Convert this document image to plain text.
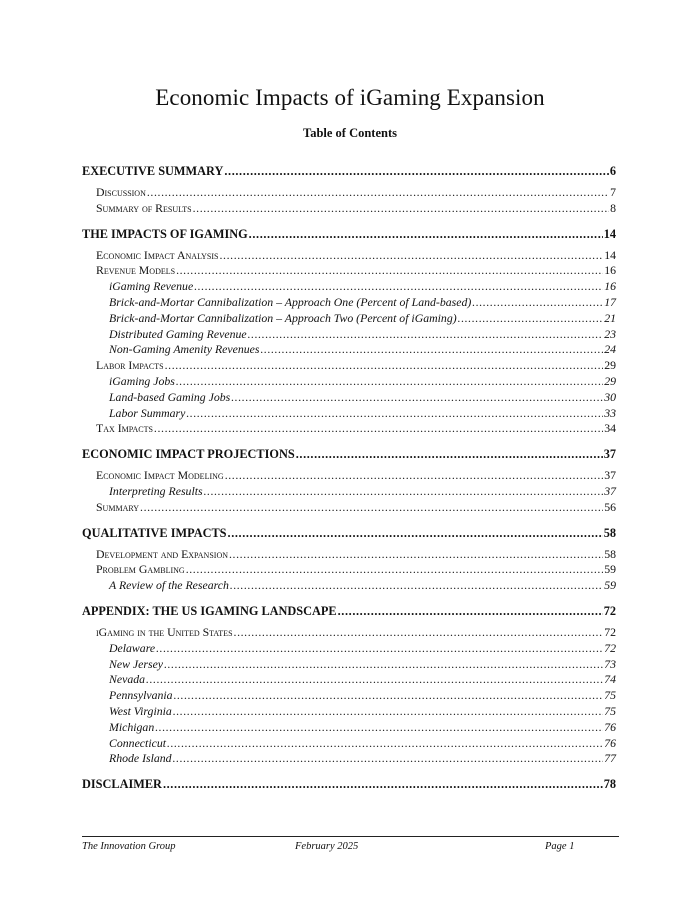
Economic Impacts of iGaming Expansion
Table of Contents
EXECUTIVE SUMMARY .....	6
Discussion .....	7
Summary of Results .....	8
THE IMPACTS OF IGAMING .....	14
Economic Impact Analysis .....	14
Revenue Models .....	16
iGaming Revenue .....	16
Brick-and-Mortar Cannibalization – Approach One (Percent of Land-based) .....	17
Brick-and-Mortar Cannibalization – Approach Two (Percent of iGaming) .....	21
Distributed Gaming Revenue .....	23
Non-Gaming Amenity Revenues .....	24
Labor Impacts .....	29
iGaming Jobs .....	29
Land-based Gaming Jobs .....	30
Labor Summary .....	33
Tax Impacts .....	34
ECONOMIC IMPACT PROJECTIONS .....	37
Economic Impact Modeling .....	37
Interpreting Results .....	37
Summary .....	56
QUALITATIVE IMPACTS .....	58
Development and Expansion .....	58
Problem Gambling .....	59
A Review of the Research .....	59
APPENDIX: THE US IGAMING LANDSCAPE .....	72
iGaming in the United States .....	72
Delaware .....	72
New Jersey .....	73
Nevada .....	74
Pennsylvania .....	75
West Virginia .....	75
Michigan .....	76
Connecticut .....	76
Rhode Island .....	77
DISCLAIMER .....	78
The Innovation Group	February 2025	Page 1
